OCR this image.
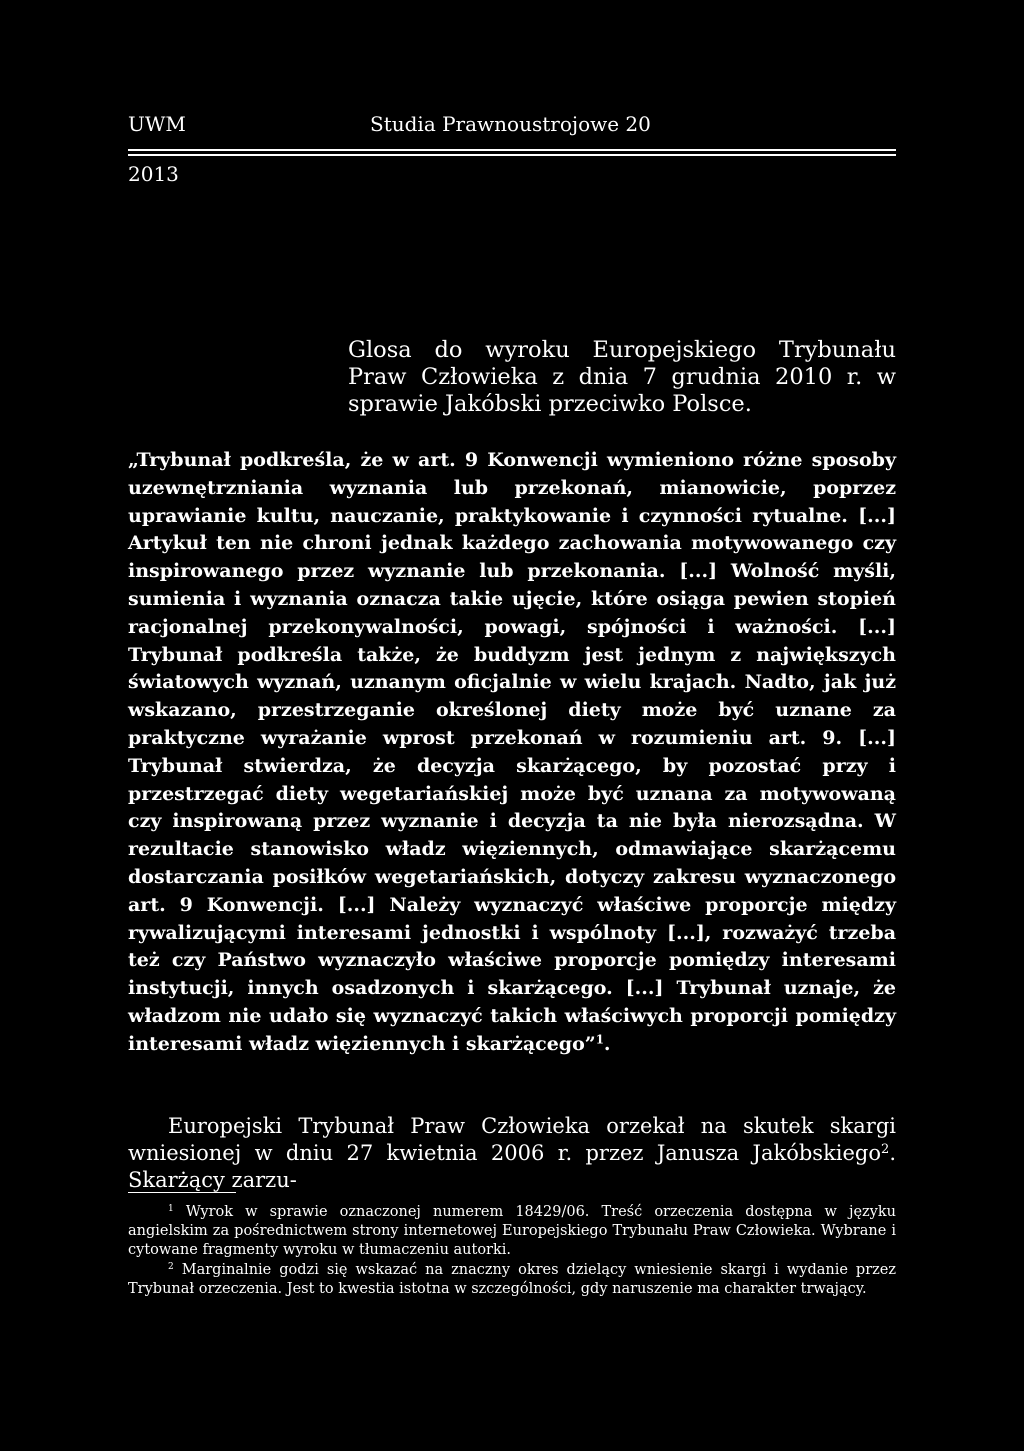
UWM	Studia Prawnoustrojowe 20
2013
Glosa do wyroku Europejskiego Trybunału Praw Człowieka z dnia 7 grudnia 2010 r. w sprawie Jakóbski przeciwko Polsce.
„Trybunał podkreśla, że w art. 9 Konwencji wymieniono różne sposoby uzewnętrzniania wyznania lub przekonań, mianowicie, poprzez uprawianie kultu, nauczanie, praktykowanie i czynności rytualne. [...] Artykuł ten nie chroni jednak każdego zachowania motywowanego czy inspirowanego przez wyznanie lub przekonania. [...] Wolność myśli, sumienia i wyznania oznacza takie ujęcie, które osiąga pewien stopień racjonalnej przekonywalności, powagi, spójności i ważności. [...] Trybunał podkreśla także, że buddyzm jest jednym z największych światowych wyznań, uznanym oficjalnie w wielu krajach. Nadto, jak już wskazano, przestrzeganie określonej diety może być uznane za praktyczne wyrażanie wprost przekonań w rozumieniu art. 9. [...] Trybunał stwierdza, że decyzja skarżącego, by pozostać przy i przestrzegać diety wegetariańskiej może być uznana za motywowaną czy inspirowaną przez wyznanie i decyzja ta nie była nierozsądna. W rezultacie stanowisko władz więziennych, odmawiające skarżącemu dostarczania posiłków wegetariańskich, dotyczy zakresu wyznaczonego art. 9 Konwencji. [...] Należy wyznaczyć właściwe proporcje między rywalizującymi interesami jednostki i wspólnoty [...], rozważyć trzeba też czy Państwo wyznaczyło właściwe proporcje pomiędzy interesami instytucji, innych osadzonych i skarżącego. [...] Trybunał uznaje, że władzom nie udało się wyznaczyć takich właściwych proporcji pomiędzy interesami władz więziennych i skarżącego”$^1$.
Europejski Trybunał Praw Człowieka orzekał na skutek skargi wniesionej w dniu 27 kwietnia 2006 r. przez Janusza Jakóbskiego$^2$. Skarżący zarzu-

$^1$ Wyrok w sprawie oznaczonej numerem 18429/06. Treść orzeczenia dostępna w języku angielskim za pośrednictwem strony internetowej Europejskiego Trybunału Praw Człowieka. Wybrane i cytowane fragmenty wyroku w tłumaczeniu autorki.

$^2$ Marginalnie godzi się wskazać na znaczny okres dzielący wniesienie skargi i wydanie przez Trybunał orzeczenia. Jest to kwestia istotna w szczególności, gdy naruszenie ma charakter trwający.
